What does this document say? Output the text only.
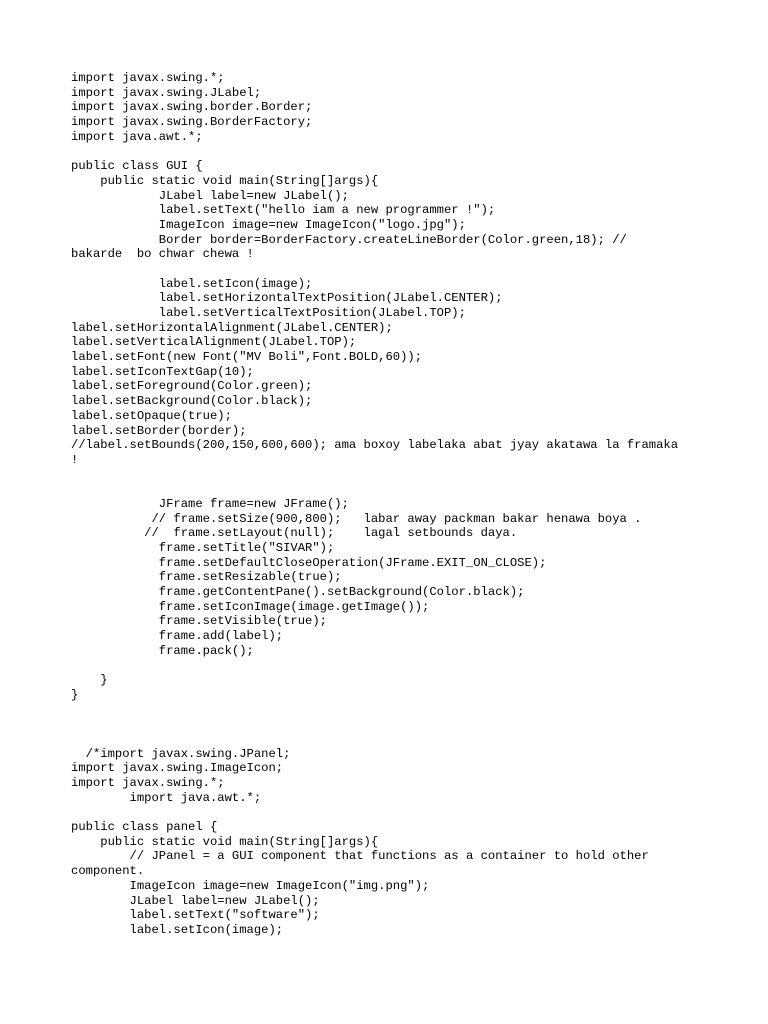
import javax.swing.*;
import javax.swing.JLabel;
import javax.swing.border.Border;
import javax.swing.BorderFactory;
import java.awt.*;
public class GUI {
public static void main(String[]args){
JLabel label=new JLabel();
label.setText("hello iam a new programmer !");
ImageIcon image=new ImageIcon("logo.jpg");
Border border=BorderFactory.createLineBorder(Color.green,18); //
bakarde  bo chwar chewa !
label.setIcon(image);
label.setHorizontalTextPosition(JLabel.CENTER);
label.setVerticalTextPosition(JLabel.TOP);
label.setHorizontalAlignment(JLabel.CENTER);
label.setVerticalAlignment(JLabel.TOP);
label.setFont(new Font("MV Boli",Font.BOLD,60));
label.setIconTextGap(10);
label.setForeground(Color.green);
label.setBackground(Color.black);
label.setOpaque(true);
label.setBorder(border);
//label.setBounds(200,150,600,600); ama boxoy labelaka abat jyay akatawa la framaka
!
JFrame frame=new JFrame();
// frame.setSize(900,800);   labar away packman bakar henawa boya .
//  frame.setLayout(null);    lagal setbounds daya.
frame.setTitle("SIVAR");
frame.setDefaultCloseOperation(JFrame.EXIT_ON_CLOSE);
frame.setResizable(true);
frame.getContentPane().setBackground(Color.black);
frame.setIconImage(image.getImage());
frame.setVisible(true);
frame.add(label);
frame.pack();
}
}
/*import javax.swing.JPanel;
import javax.swing.ImageIcon;
import javax.swing.*;
import java.awt.*;
public class panel {
public static void main(String[]args){
// JPanel = a GUI component that functions as a container to hold other
component.
ImageIcon image=new ImageIcon("img.png");
JLabel label=new JLabel();
label.setText("software");
label.setIcon(image);
